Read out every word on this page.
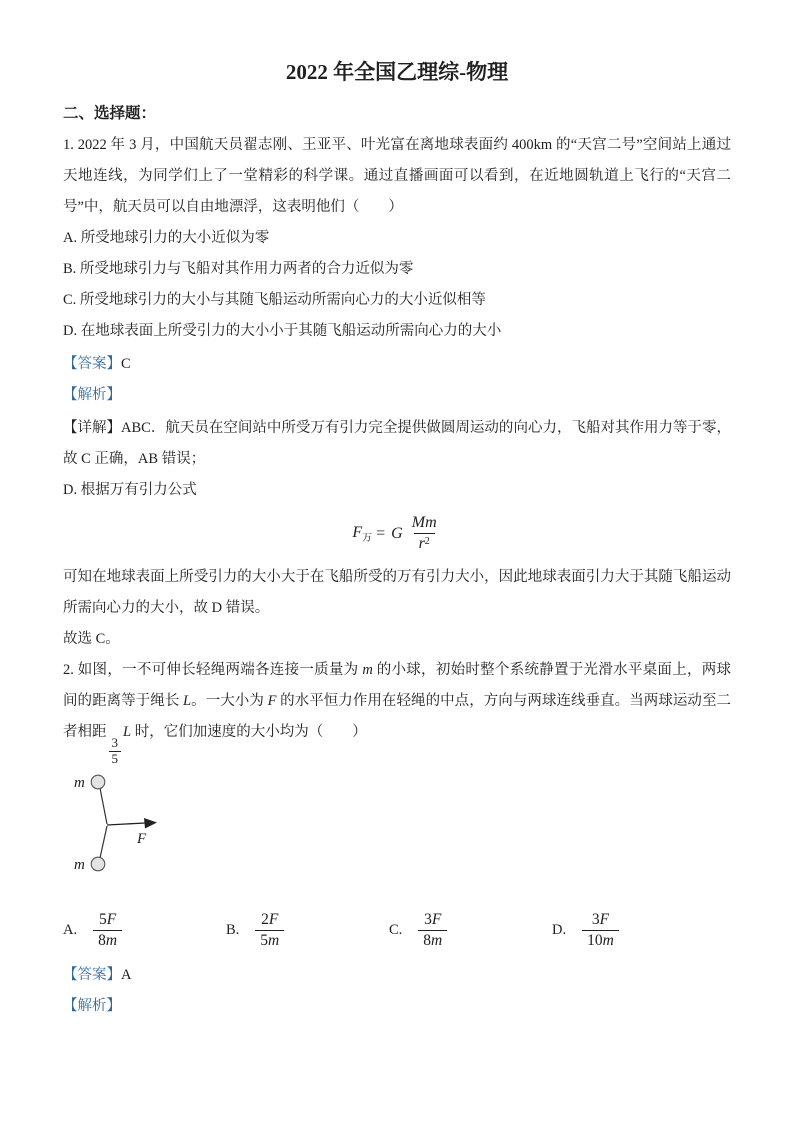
2022 年全国乙理综-物理
二、选择题：

1. 2022 年 3 月，中国航天员翟志刚、王亚平、叶光富在离地球表面约 400km 的“天宫二号”空间站上通过天地连线，为同学们上了一堂精彩的科学课。通过直播画面可以看到，在近地圆轨道上飞行的“天宫二号”中，航天员可以自由地漂浮，这表明他们（　　）

A. 所受地球引力的大小近似为零
B. 所受地球引力与飞船对其作用力两者的合力近似为零
C. 所受地球引力的大小与其随飞船运动所需向心力的大小近似相等
D. 在地球表面上所受引力的大小小于其随飞船运动所需向心力的大小
【答案】C
【解析】

【详解】ABC．航天员在空间站中所受万有引力完全提供做圆周运动的向心力，飞船对其作用力等于零，故 C 正确，AB 错误；

D. 根据万有引力公式

$F_万 = G \frac{Mm}{r^2}$

可知在地球表面上所受引力的大小大于在飞船所受的万有引力大小，因此地球表面引力大于其随飞船运动所需向心力的大小，故 D 错误。

故选 C。

2. 如图，一不可伸长轻绳两端各连接一质量为 m 的小球，初始时整个系统静置于光滑水平桌面上，两球间的距离等于绳长 L。一大小为 F 的水平恒力作用在轻绳的中点，方向与两球连线垂直。当两球运动至二者相距
$\frac{3}{5}$
L 时，它们加速度的大小均为（　　）

m
m
F
A. $\frac{5F}{8m}$	B. $\frac{2F}{5m}$	C. $\frac{3F}{8m}$	D. $\frac{3F}{10m}$
【答案】A
【解析】
